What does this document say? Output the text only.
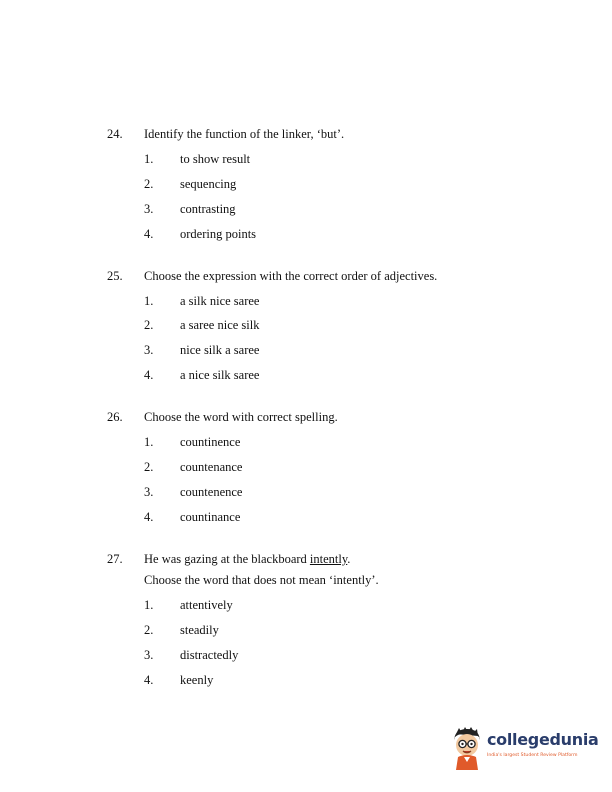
24. Identify the function of the linker, ‘but’.
1. to show result
2. sequencing
3. contrasting
4. ordering points
25. Choose the expression with the correct order of adjectives.
1. a silk nice saree
2. a saree nice silk
3. nice silk a saree
4. a nice silk saree
26. Choose the word with correct spelling.
1. countinence
2. countenance
3. countenence
4. countinance
27. He was gazing at the blackboard intently.
Choose the word that does not mean ‘intently’.
1. attentively
2. steadily
3. distractedly
4. keenly
collegedunia
India's largest Student Review Platform
